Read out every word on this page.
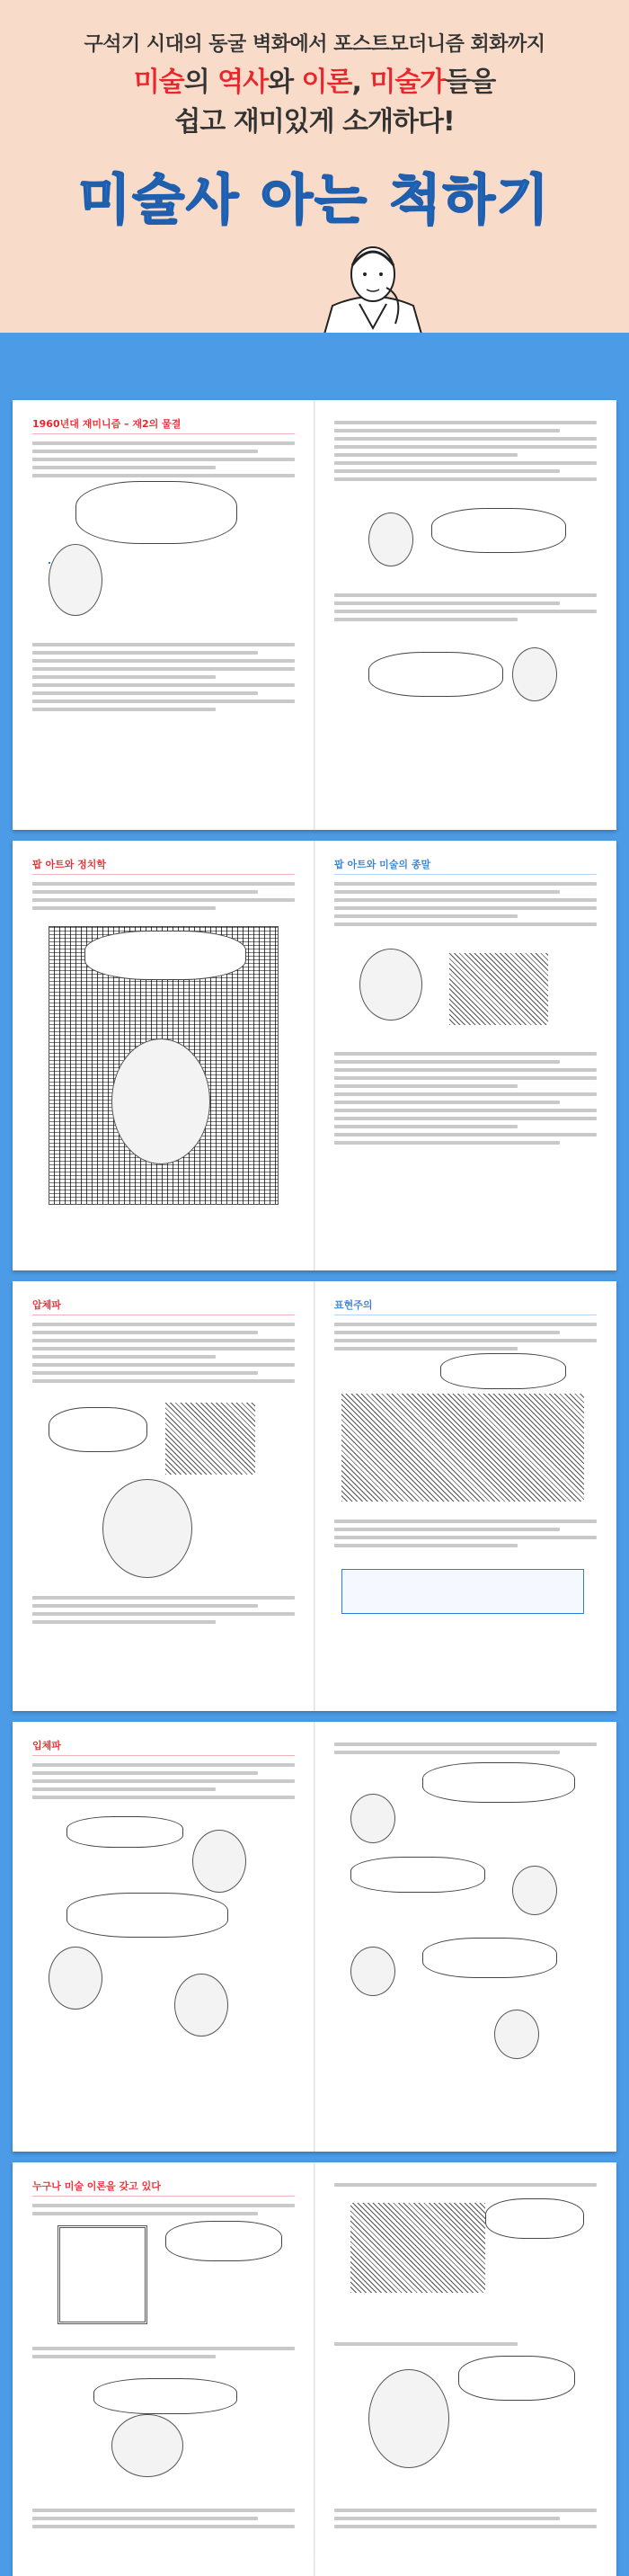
구석기 시대의 동굴 벽화에서 포스트모더니즘 회화까지
미술의 역사와 이론, 미술가들을
쉽고 재미있게 소개하다!
미술사 아는 척하기
1960년대 재미니즘 – 재2의 물결
팝 아트와 정치학	팝 아트와 미술의 종말
압체파	표현주의
입체파
누구나 미술 이론을 갖고 있다
팬덤북스
